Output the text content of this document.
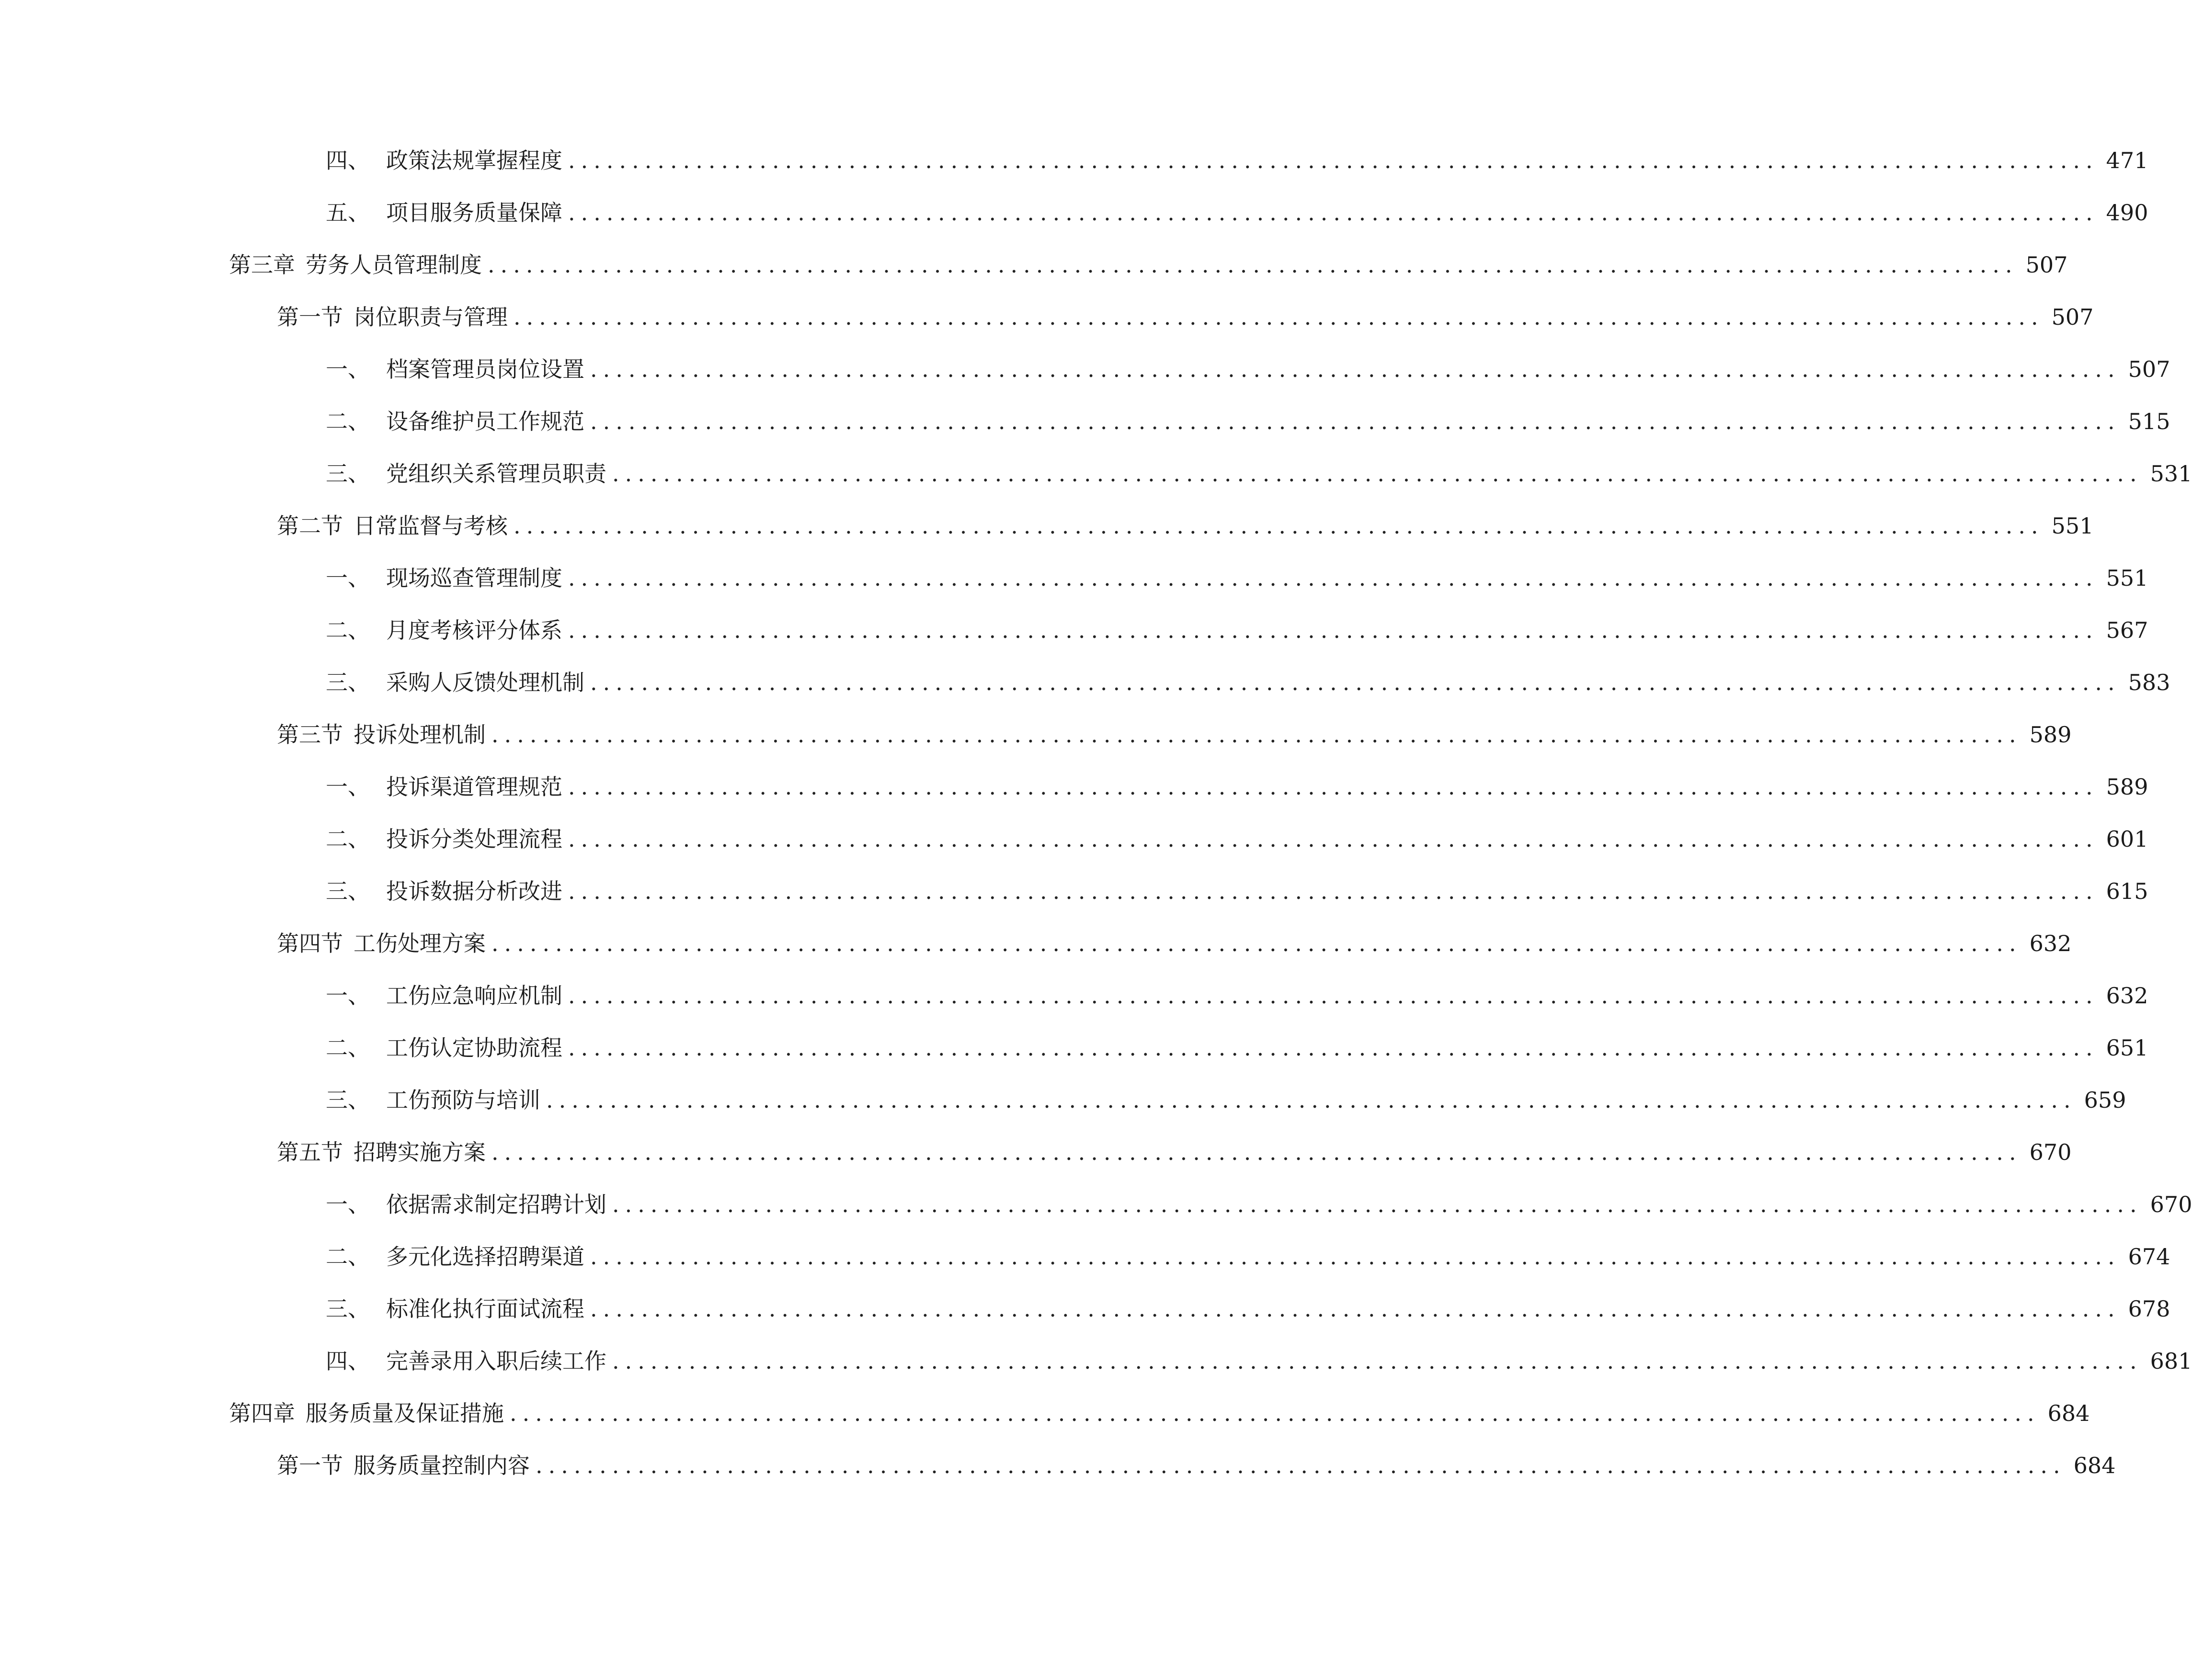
四、 政策法规掌握程度 ........................................................................................................................ 471
五、 项目服务质量保障 ........................................................................................................................ 490
第三章 劳务人员管理制度 ........................................................................................................................ 507
第一节 岗位职责与管理 ........................................................................................................................ 507
一、 档案管理员岗位设置 ........................................................................................................................ 507
二、 设备维护员工作规范 ........................................................................................................................ 515
三、 党组织关系管理员职责 ........................................................................................................................ 531
第二节 日常监督与考核 ........................................................................................................................ 551
一、 现场巡查管理制度 ........................................................................................................................ 551
二、 月度考核评分体系 ........................................................................................................................ 567
三、 采购人反馈处理机制 ........................................................................................................................ 583
第三节 投诉处理机制 ........................................................................................................................ 589
一、 投诉渠道管理规范 ........................................................................................................................ 589
二、 投诉分类处理流程 ........................................................................................................................ 601
三、 投诉数据分析改进 ........................................................................................................................ 615
第四节 工伤处理方案 ........................................................................................................................ 632
一、 工伤应急响应机制 ........................................................................................................................ 632
二、 工伤认定协助流程 ........................................................................................................................ 651
三、 工伤预防与培训 ........................................................................................................................ 659
第五节 招聘实施方案 ........................................................................................................................ 670
一、 依据需求制定招聘计划 ........................................................................................................................ 670
二、 多元化选择招聘渠道 ........................................................................................................................ 674
三、 标准化执行面试流程 ........................................................................................................................ 678
四、 完善录用入职后续工作 ........................................................................................................................ 681
第四章 服务质量及保证措施 ........................................................................................................................ 684
第一节 服务质量控制内容 ........................................................................................................................ 684
